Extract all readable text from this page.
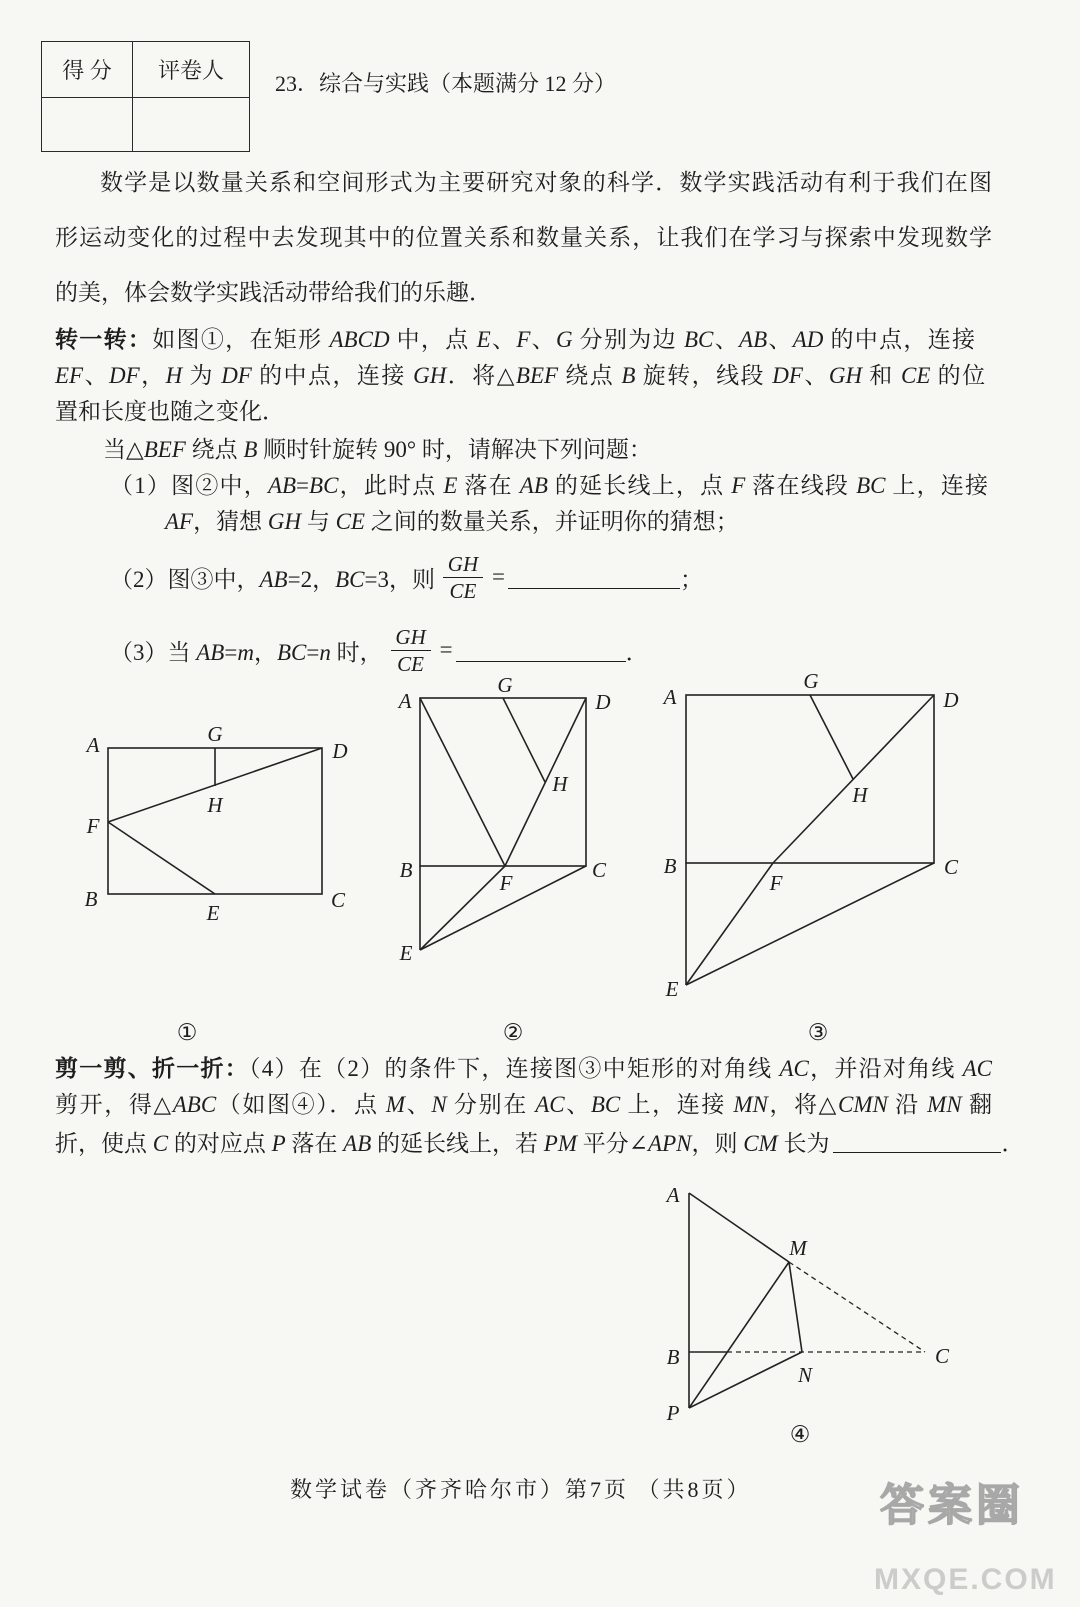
得 分	评卷人
23．综合与实践（本题满分 12 分）
数学是以数量关系和空间形式为主要研究对象的科学．数学实践活动有利于我们在图
形运动变化的过程中去发现其中的位置关系和数量关系，让我们在学习与探索中发现数学
的美，体会数学实践活动带给我们的乐趣．
转一转：如图①，在矩形 ABCD 中，点 E、F、G 分别为边 BC、AB、AD 的中点，连接
EF、DF，H 为 DF 的中点，连接 GH．将△BEF 绕点 B 旋转，线段 DF、GH 和 CE 的位
置和长度也随之变化．
当△BEF 绕点 B 顺时针旋转 90° 时，请解决下列问题：
（1）图②中，AB=BC，此时点 E 落在 AB 的延长线上，点 F 落在线段 BC 上，连接
AF，猜想 GH 与 CE 之间的数量关系，并证明你的猜想；
（2）图③中，AB=2，BC=3，则 $\frac{GH}{CE}$ =	；
（3）当 AB=m，BC=n 时， $\frac{GH}{CE}$ =	．
剪一剪、折一折：（4）在（2）的条件下，连接图③中矩形的对角线 AC，并沿对角线 AC
剪开，得△ABC（如图④）．点 M、N 分别在 AC、BC 上，连接 MN，将△CMN 沿 MN 翻
折，使点 C 的对应点 P 落在 AB 的延长线上，若 PM 平分∠APN，则 CM 长为	．
A	G
D
H
F
B
E
C
①
A
G
D
H
B
F
C
E
②
A
G
D
H
B
F
C
E
③
A
M
B	C
N
P
④
数学试卷（齐齐哈尔市）第7页 （共8页）	答案圈
MXQE.COM
